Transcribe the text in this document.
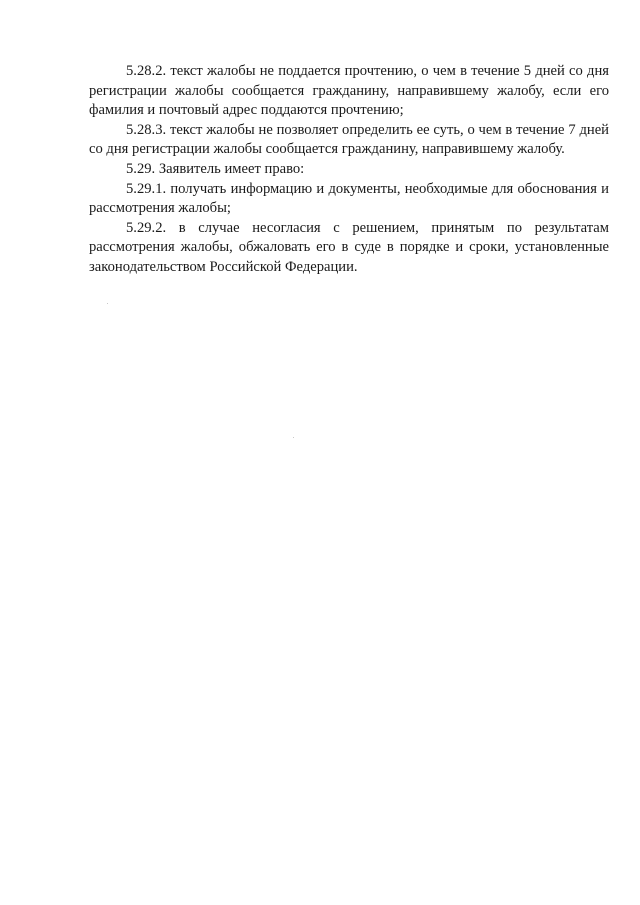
5.28.2. текст жалобы не поддается прочтению, о чем в течение 5 дней со дня регистрации жалобы сообщается гражданину, направившему жалобу, если его фамилия и почтовый адрес поддаются прочтению;

5.28.3. текст жалобы не позволяет определить ее суть, о чем в течение 7 дней со дня регистрации жалобы сообщается гражданину, направившему жалобу.

5.29. Заявитель имеет право:

5.29.1. получать информацию и документы, необходимые для обоснования и рассмотрения жалобы;

5.29.2. в случае несогласия с решением, принятым по результатам рассмотрения жалобы, обжаловать его в суде в порядке и сроки, установленные законодательством Российской Федерации.
